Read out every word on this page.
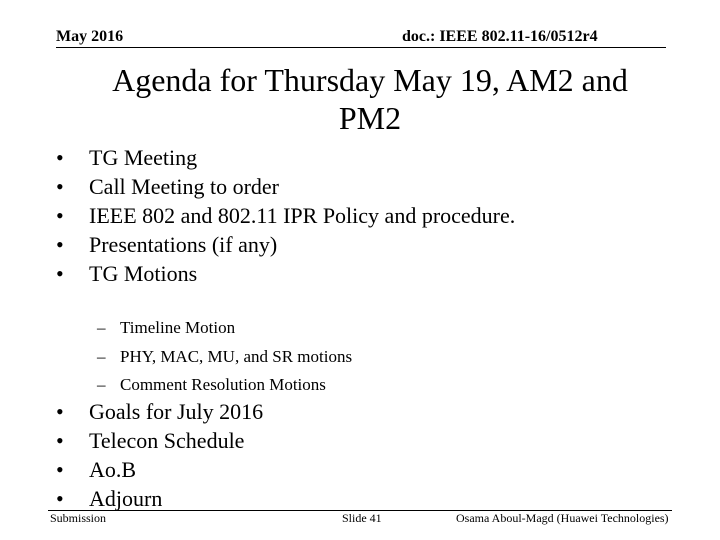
May 2016	doc.: IEEE 802.11-16/0512r4
Agenda for Thursday May 19, AM2 and
PM2
• TG Meeting
• Call Meeting to order
• IEEE 802 and 802.11 IPR Policy and procedure.
• Presentations (if any)
• TG Motions
– Timeline Motion
– PHY, MAC, MU, and SR motions
– Comment Resolution Motions
• Goals for July 2016
• Telecon Schedule
• Ao.B
• Adjourn
Submission	Slide 41	Osama Aboul-Magd (Huawei Technologies)
